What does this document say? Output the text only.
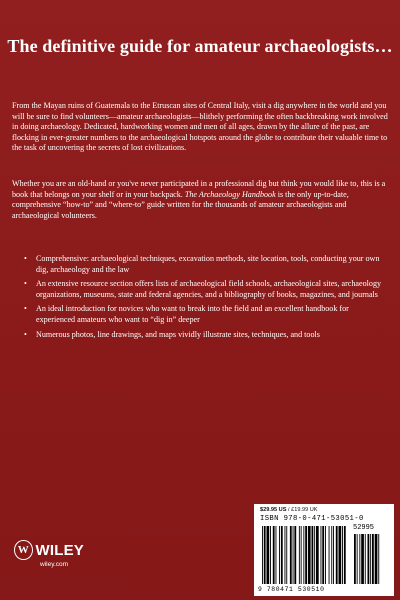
The definitive guide for amateur archaeologists…

From the Mayan ruins of Guatemala to the Etruscan sites of Central Italy, visit a dig anywhere in the world and you will be sure to find volunteers—amateur archaeologists—blithely performing the often backbreaking work involved in doing archaeology. Dedicated, hardworking women and men of all ages, drawn by the allure of the past, are flocking in ever-greater numbers to the archaeological hotspots around the globe to contribute their valuable time to the task of uncovering the secrets of lost civilizations.

Whether you are an old-hand or you've never participated in a professional dig but think you would like to, this is a book that belongs on your shelf or in your backpack. The Archaeology Handbook is the only up-to-date, comprehensive “how-to” and “where-to” guide written for the thousands of amateur archaeologists and archaeological volunteers.

• Comprehensive: archaeological techniques, excavation methods, site location, tools, conducting your own dig, archaeology and the law
• An extensive resource section offers lists of archaeological field schools, archaeological sites, archaeology organizations, museums, state and federal agencies, and a bibliography of books, magazines, and journals
• An ideal introduction for novices who want to break into the field and an excellent handbook for experienced amateurs who want to “dig in” deeper
• Numerous photos, line drawings, and maps vividly illustrate sites, techniques, and tools
W WILEY
wiley.com
$29.95 US / £19.99 UK
ISBN 978-0-471-53051-0
52995
9 780471 530510
